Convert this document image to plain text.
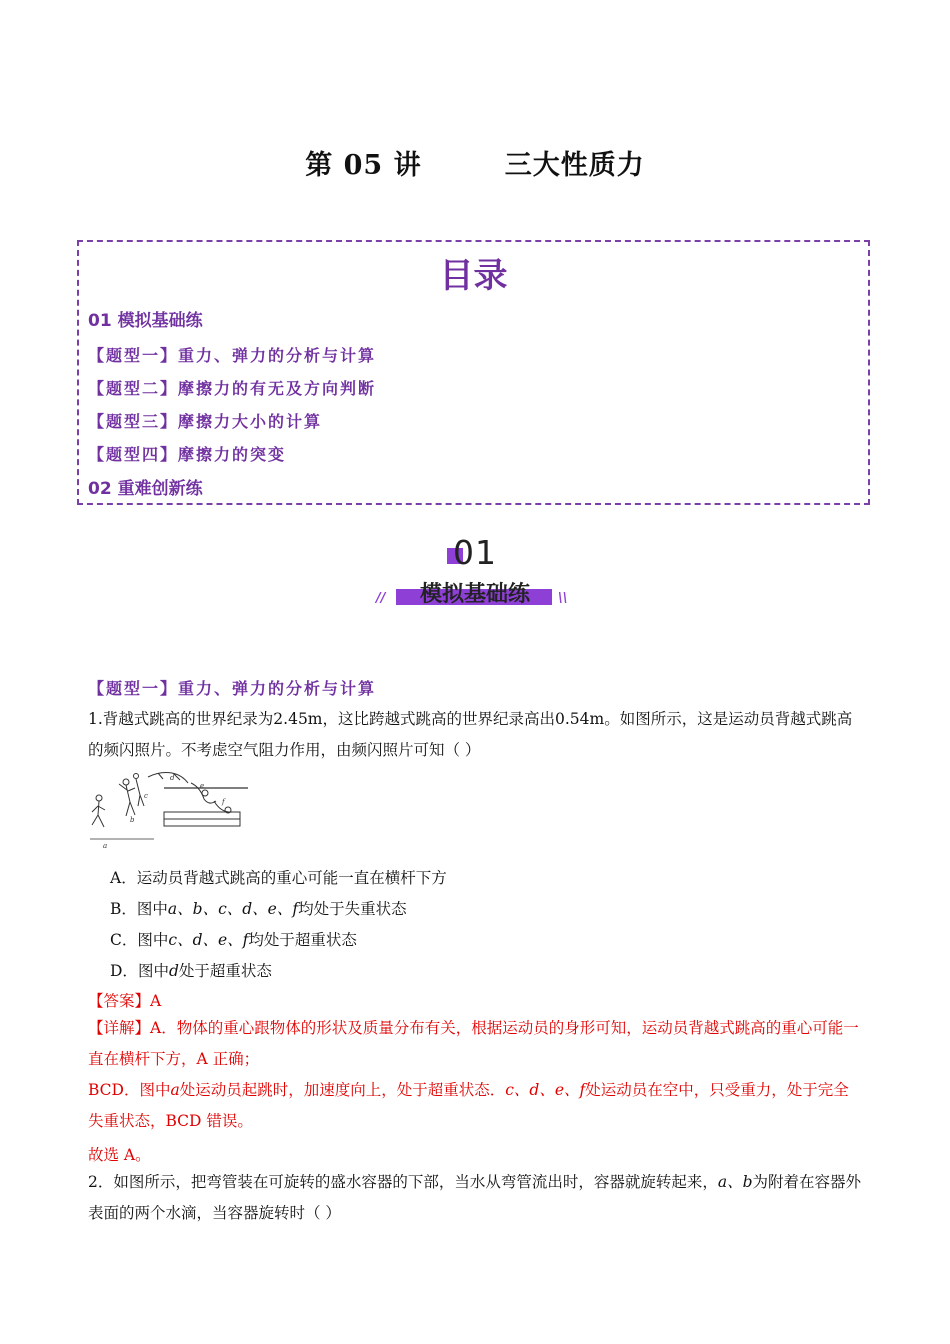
第 05 讲        三大性质力
目录
01 模拟基础练
【题型一】重力、弹力的分析与计算
【题型二】摩擦力的有无及方向判断
【题型三】摩擦力大小的计算
【题型四】摩擦力的突变
02 重难创新练
01
模拟基础练
//	\\
【题型一】重力、弹力的分析与计算
1.背越式跳高的世界纪录为2.45m，这比跨越式跳高的世界纪录高出0.54m。如图所示，这是运动员背越式跳高的频闪照片。不考虑空气阻力作用，由频闪照片可知（ ）
a
b
c
d
e
f
A．运动员背越式跳高的重心可能一直在横杆下方
B．图中a、b、c、d、e、f均处于失重状态
C．图中c、d、e、f均处于超重状态
D．图中d处于超重状态
【答案】A
【详解】A．物体的重心跟物体的形状及质量分布有关，根据运动员的身形可知，运动员背越式跳高的重心可能一直在横杆下方，A 正确；
BCD．图中a处运动员起跳时，加速度向上，处于超重状态．c、d、e、f处运动员在空中，只受重力，处于完全失重状态，BCD 错误。
故选 A。
2．如图所示，把弯管装在可旋转的盛水容器的下部，当水从弯管流出时，容器就旋转起来，a、b为附着在容器外表面的两个水滴，当容器旋转时（ ）
